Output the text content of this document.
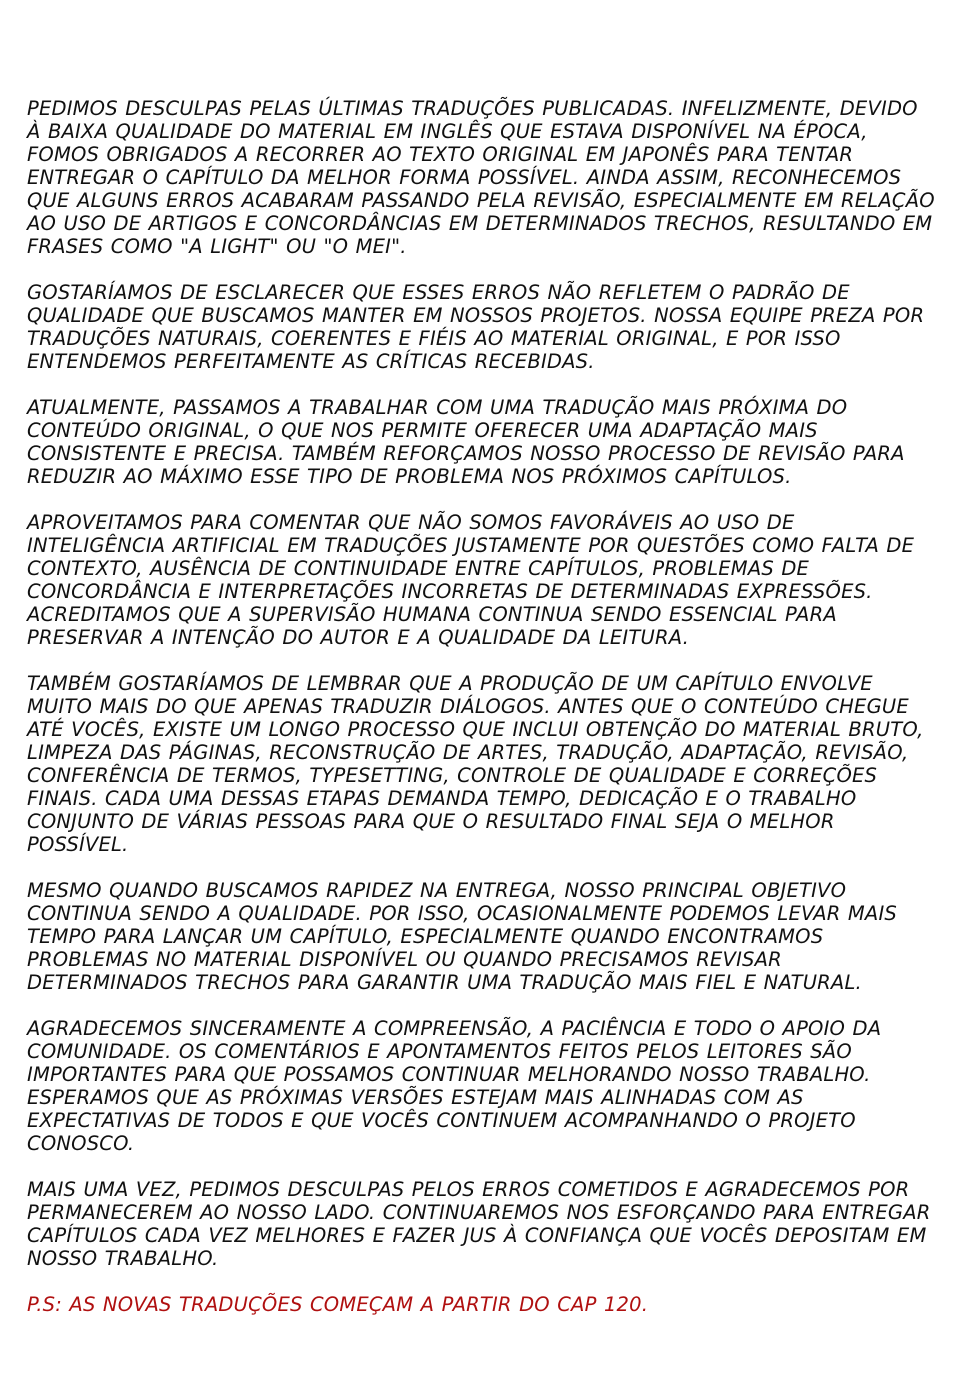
PEDIMOS DESCULPAS PELAS ÚLTIMAS TRADUÇÕES PUBLICADAS. INFELIZMENTE, DEVIDO À BAIXA QUALIDADE DO MATERIAL EM INGLÊS QUE ESTAVA DISPONÍVEL NA ÉPOCA, FOMOS OBRIGADOS A RECORRER AO TEXTO ORIGINAL EM JAPONÊS PARA TENTAR ENTREGAR O CAPÍTULO DA MELHOR FORMA POSSÍVEL. AINDA ASSIM, RECONHECEMOS QUE ALGUNS ERROS ACABARAM PASSANDO PELA REVISÃO, ESPECIALMENTE EM RELAÇÃO AO USO DE ARTIGOS E CONCORDÂNCIAS EM DETERMINADOS TRECHOS, RESULTANDO EM FRASES COMO "A LIGHT" OU "O MEI".

GOSTARÍAMOS DE ESCLARECER QUE ESSES ERROS NÃO REFLETEM O PADRÃO DE QUALIDADE QUE BUSCAMOS MANTER EM NOSSOS PROJETOS. NOSSA EQUIPE PREZA POR TRADUÇÕES NATURAIS, COERENTES E FIÉIS AO MATERIAL ORIGINAL, E POR ISSO ENTENDEMOS PERFEITAMENTE AS CRÍTICAS RECEBIDAS.

ATUALMENTE, PASSAMOS A TRABALHAR COM UMA TRADUÇÃO MAIS PRÓXIMA DO CONTEÚDO ORIGINAL, O QUE NOS PERMITE OFERECER UMA ADAPTAÇÃO MAIS CONSISTENTE E PRECISA. TAMBÉM REFORÇAMOS NOSSO PROCESSO DE REVISÃO PARA REDUZIR AO MÁXIMO ESSE TIPO DE PROBLEMA NOS PRÓXIMOS CAPÍTULOS.

APROVEITAMOS PARA COMENTAR QUE NÃO SOMOS FAVORÁVEIS AO USO DE INTELIGÊNCIA ARTIFICIAL EM TRADUÇÕES JUSTAMENTE POR QUESTÕES COMO FALTA DE CONTEXTO, AUSÊNCIA DE CONTINUIDADE ENTRE CAPÍTULOS, PROBLEMAS DE CONCORDÂNCIA E INTERPRETAÇÕES INCORRETAS DE DETERMINADAS EXPRESSÕES. ACREDITAMOS QUE A SUPERVISÃO HUMANA CONTINUA SENDO ESSENCIAL PARA PRESERVAR A INTENÇÃO DO AUTOR E A QUALIDADE DA LEITURA.

TAMBÉM GOSTARÍAMOS DE LEMBRAR QUE A PRODUÇÃO DE UM CAPÍTULO ENVOLVE MUITO MAIS DO QUE APENAS TRADUZIR DIÁLOGOS. ANTES QUE O CONTEÚDO CHEGUE ATÉ VOCÊS, EXISTE UM LONGO PROCESSO QUE INCLUI OBTENÇÃO DO MATERIAL BRUTO, LIMPEZA DAS PÁGINAS, RECONSTRUÇÃO DE ARTES, TRADUÇÃO, ADAPTAÇÃO, REVISÃO, CONFERÊNCIA DE TERMOS, TYPESETTING, CONTROLE DE QUALIDADE E CORREÇÕES FINAIS. CADA UMA DESSAS ETAPAS DEMANDA TEMPO, DEDICAÇÃO E O TRABALHO CONJUNTO DE VÁRIAS PESSOAS PARA QUE O RESULTADO FINAL SEJA O MELHOR POSSÍVEL.

MESMO QUANDO BUSCAMOS RAPIDEZ NA ENTREGA, NOSSO PRINCIPAL OBJETIVO CONTINUA SENDO A QUALIDADE. POR ISSO, OCASIONALMENTE PODEMOS LEVAR MAIS TEMPO PARA LANÇAR UM CAPÍTULO, ESPECIALMENTE QUANDO ENCONTRAMOS PROBLEMAS NO MATERIAL DISPONÍVEL OU QUANDO PRECISAMOS REVISAR DETERMINADOS TRECHOS PARA GARANTIR UMA TRADUÇÃO MAIS FIEL E NATURAL.

AGRADECEMOS SINCERAMENTE A COMPREENSÃO, A PACIÊNCIA E TODO O APOIO DA COMUNIDADE. OS COMENTÁRIOS E APONTAMENTOS FEITOS PELOS LEITORES SÃO IMPORTANTES PARA QUE POSSAMOS CONTINUAR MELHORANDO NOSSO TRABALHO. ESPERAMOS QUE AS PRÓXIMAS VERSÕES ESTEJAM MAIS ALINHADAS COM AS EXPECTATIVAS DE TODOS E QUE VOCÊS CONTINUEM ACOMPANHANDO O PROJETO CONOSCO.

MAIS UMA VEZ, PEDIMOS DESCULPAS PELOS ERROS COMETIDOS E AGRADECEMOS POR PERMANECEREM AO NOSSO LADO. CONTINUAREMOS NOS ESFORÇANDO PARA ENTREGAR CAPÍTULOS CADA VEZ MELHORES E FAZER JUS À CONFIANÇA QUE VOCÊS DEPOSITAM EM NOSSO TRABALHO.

P.S: AS NOVAS TRADUÇÕES COMEÇAM A PARTIR DO CAP 120.
